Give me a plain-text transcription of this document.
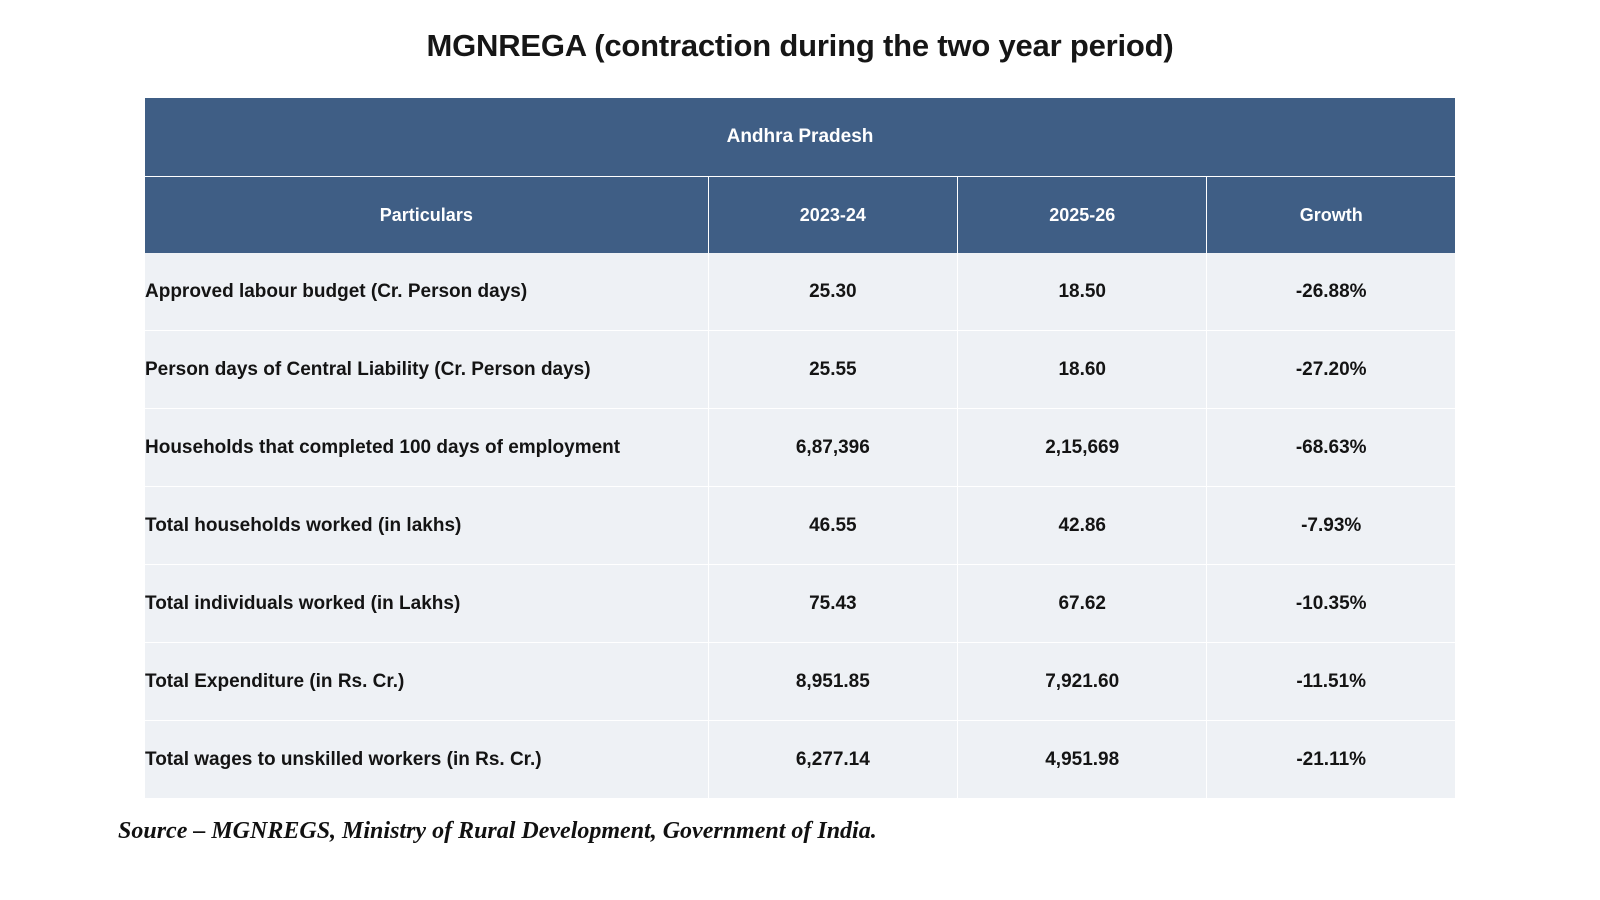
MGNREGA (contraction during the two year period)
Andhra Pradesh			
Particulars	2023-24	2025-26	Growth
Approved labour budget (Cr. Person days)	25.30	18.50	-26.88%
Person days of Central Liability (Cr. Person days)	25.55	18.60	-27.20%
Households that completed 100 days of employment	6,87,396	2,15,669	-68.63%
Total households worked (in lakhs)	46.55	42.86	-7.93%
Total individuals worked (in Lakhs)	75.43	67.62	-10.35%
Total Expenditure (in Rs. Cr.)	8,951.85	7,921.60	-11.51%
Total wages to unskilled workers (in Rs. Cr.)	6,277.14	4,951.98	-21.11%
Source – MGNREGS, Ministry of Rural Development, Government of India.
